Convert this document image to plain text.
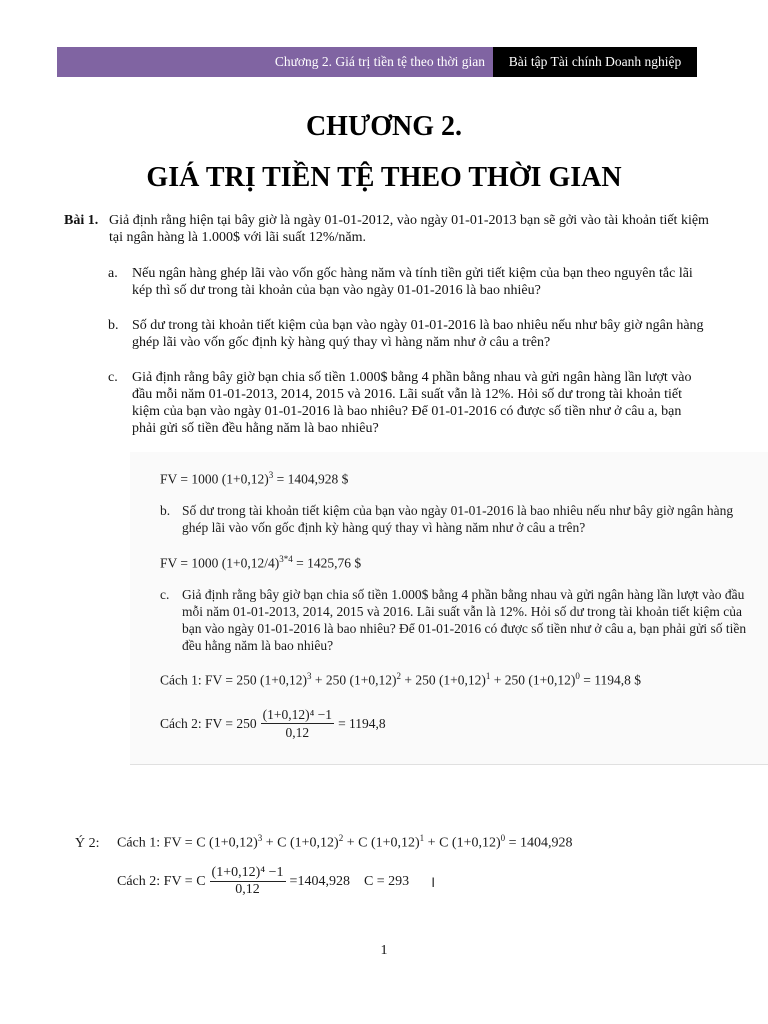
Chương 2. Giá trị tiền tệ theo thời gian	Bài tập Tài chính Doanh nghiệp
CHƯƠNG 2.
GIÁ TRỊ TIỀN TỆ THEO THỜI GIAN
Bài 1. Giả định rằng hiện tại bây giờ là ngày 01-01-2012, vào ngày 01-01-2013 bạn sẽ gởi vào tài khoản tiết kiệm tại ngân hàng là 1.000$ với lãi suất 12%/năm.
a.	Nếu ngân hàng ghép lãi vào vốn gốc hàng năm và tính tiền gửi tiết kiệm của bạn theo nguyên tắc lãi kép thì số dư trong tài khoản của bạn vào ngày 01-01-2016 là bao nhiêu?
b. Số dư trong tài khoản tiết kiệm của bạn vào ngày 01-01-2016 là bao nhiêu nếu như bây giờ ngân hàng ghép lãi vào vốn gốc định kỳ hàng quý thay vì hàng năm như ở câu a trên?
c.	Giả định rằng bây giờ bạn chia số tiền 1.000$ bằng 4 phần bằng nhau và gửi ngân hàng lần lượt vào đầu mỗi năm 01-01-2013, 2014, 2015 và 2016. Lãi suất vẫn là 12%. Hỏi số dư trong tài khoản tiết kiệm của bạn vào ngày 01-01-2016 là bao nhiêu? Để 01-01-2016 có được số tiền như ở câu a, bạn phải gửi số tiền đều hằng năm là bao nhiêu?
FV = 1000 $(1+0,12)^3 = 1404,928$ $
b. Số dư trong tài khoản tiết kiệm của bạn vào ngày 01-01-2016 là bao nhiêu nếu như bây giờ ngân hàng ghép lãi vào vốn gốc định kỳ hàng quý thay vì hàng năm như ở câu a trên?
FV = 1000 $(1+0,12/4)^{3*4} = 1425,76$ $
c. Giả định rằng bây giờ bạn chia số tiền 1.000$ bằng 4 phần bằng nhau và gửi ngân hàng lần lượt vào đầu mỗi năm 01-01-2013, 2014, 2015 và 2016. Lãi suất vẫn là 12%. Hỏi số dư trong tài khoản tiết kiệm của bạn vào ngày 01-01-2016 là bao nhiêu? Để 01-01-2016 có được số tiền như ở câu a, bạn phải gửi số tiền đều hằng năm là bao nhiêu?
Cách 1: FV = 250 $(1+0,12)^3 + 250$ $(1+0,12)^2 + 250$ $(1+0,12)^1 + 250$ $(1+0,12)^0 = 1194,8$ $
Cách 2: FV = $250 \frac{\text{(1+0,12)⁴ −1}}{0,12} = 1194,8$
Ý 2: Cách 1: FV = C $(1+0,12)^3 + C$ $(1+0,12)^2 + C$ $(1+0,12)^1 + C$ $(1+0,12)^0 = 1404,928$
Cách 2: FV = C $\frac{\text{(1+0,12)⁴ −1}}{0,12} =1404,928$ C = 293 I
1
